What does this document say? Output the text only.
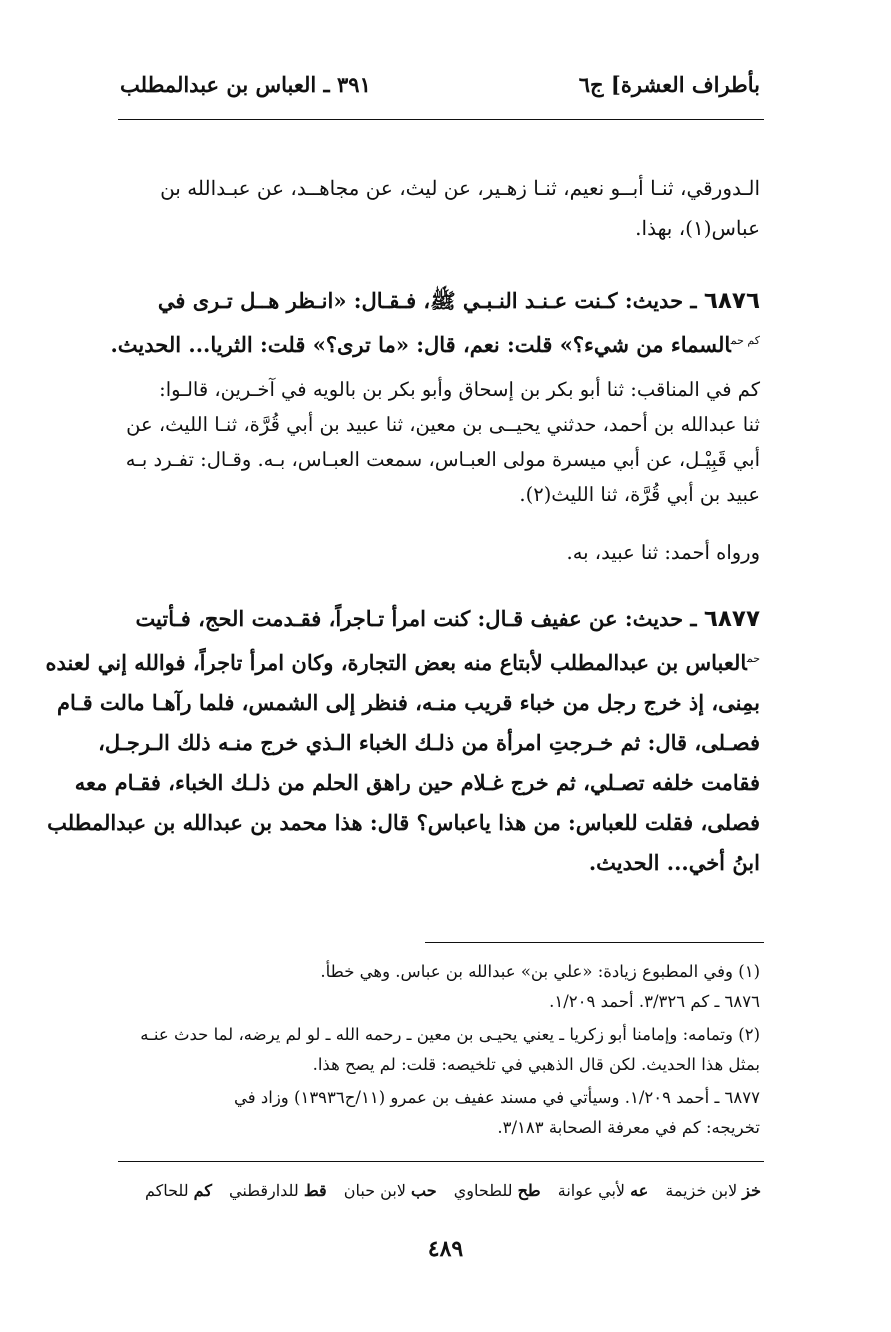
بأطراف العشرة] ج٦
٣٩١ ـ العباس بن عبدالمطلب
الـدورقي، ثنـا أبــو نعيم، ثنـا زهـير، عن ليث، عن مجاهــد، عن عبـدالله بن
عباس(١)، بهذا.
٦٨٧٦ ـ حديث: كـنت عـنـد النـبـي ﷺ، فـقـال: «انـظر هــل تـرى في
$^{كم حم}$السماء من شيء؟» قلت: نعم، قال: «ما ترى؟» قلت: الثريا... الحديث.
كم في المناقب: ثنا أبو بكر بن إسحاق وأبو بكر بن بالويه في آخـرين، قالـوا:
ثنا عبدالله بن أحمد، حدثني يحيــى بن معين، ثنا عبيد بن أبي قُرَّة، ثنـا الليث، عن
أبي قَبِيْـل، عن أبي ميسرة مولى العبـاس، سمعت العبـاس، بـه. وقـال: تفـرد بـه
عبيد بن أبي قُرَّة، ثنا الليث(٢).
ورواه أحمد: ثنا عبيد، به.
٦٨٧٧ ـ حديث: عن عفيف قـال: كنت امرأ تـاجراً، فقـدمت الحج، فـأتيت
$^{حم}$العباس بن عبدالمطلب لأبتاع منه بعض التجارة، وكان امرأ تاجراً، فوالله إني لعنده
بمِنى، إذ خرج رجل من خباء قريب منـه، فنظر إلى الشمس، فلما رآهـا مالت قـام
فصـلى، قال: ثم خـرجتِ امرأة من ذلـك الخباء الـذي خرج منـه ذلك الـرجـل،
فقامت خلفه تصـلي، ثم خرج غـلام حين راهق الحلم من ذلـك الخباء، فقـام معه
فصلى، فقلت للعباس: من هذا ياعباس؟ قال: هذا محمد بن عبدالله بن عبدالمطلب
ابنُ أخي... الحديث.
(١) وفي المطبوع زيادة: «علي بن» عبدالله بن عباس. وهي خطأ.
٦٨٧٦ ـ كم ٣/٣٢٦. أحمد ١/٢٠٩.
(٢) وتمامه: وإمامنا أبو زكريا ـ يعني يحيـى بن معين ـ رحمه الله ـ لو لم يرضه، لما حدث عنـه
بمثل هذا الحديث. لكن قال الذهبي في تلخيصه: قلت: لم يصح هذا.
٦٨٧٧ ـ أحمد ١/٢٠٩. وسيأتي في مسند عفيف بن عمرو (١١/ح١٣٩٣٦) وزاد في
تخريجه: كم في معرفة الصحابة ٣/١٨٣.
خز لابن خزيمة عه لأبي عوانة طح للطحاوي حب لابن حبان قط للدارقطني كم للحاكم
٤٨٩
